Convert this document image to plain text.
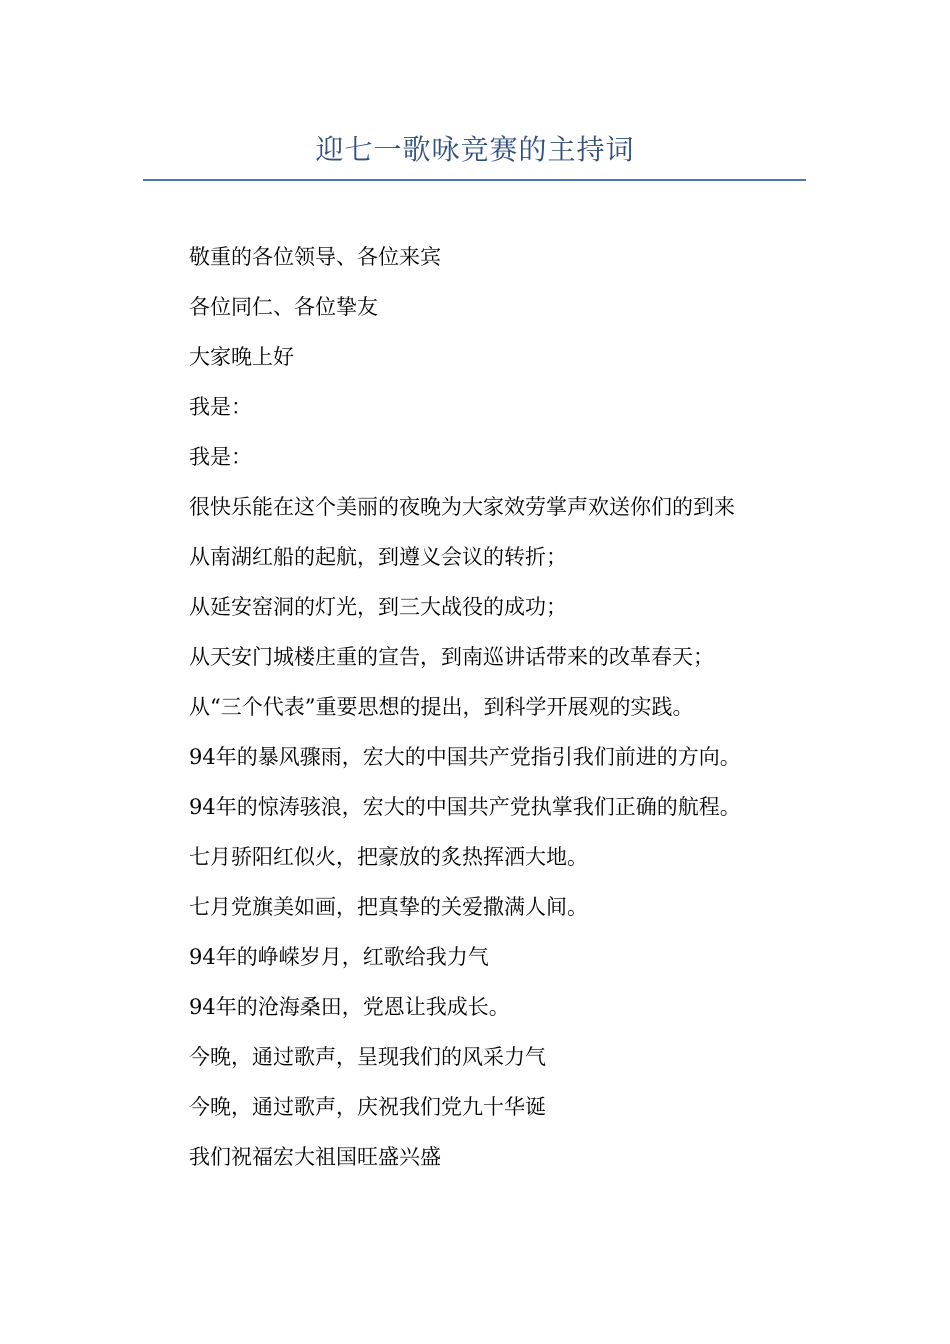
迎七一歌咏竞赛的主持词
敬重的各位领导、各位来宾
各位同仁、各位挚友
大家晚上好
我是：
我是：
很快乐能在这个美丽的夜晚为大家效劳掌声欢送你们的到来
从南湖红船的起航，到遵义会议的转折；
从延安窑洞的灯光，到三大战役的成功；
从天安门城楼庄重的宣告，到南巡讲话带来的改革春天；
从“三个代表”重要思想的提出，到科学开展观的实践。
94年的暴风骤雨，宏大的中国共产党指引我们前进的方向。
94年的惊涛骇浪，宏大的中国共产党执掌我们正确的航程。
七月骄阳红似火，把豪放的炙热挥洒大地。
七月党旗美如画，把真挚的关爱撒满人间。
94年的峥嵘岁月，红歌给我力气
94年的沧海桑田，党恩让我成长。
今晚，通过歌声，呈现我们的风采力气
今晚，通过歌声，庆祝我们党九十华诞
我们祝福宏大祖国旺盛兴盛
